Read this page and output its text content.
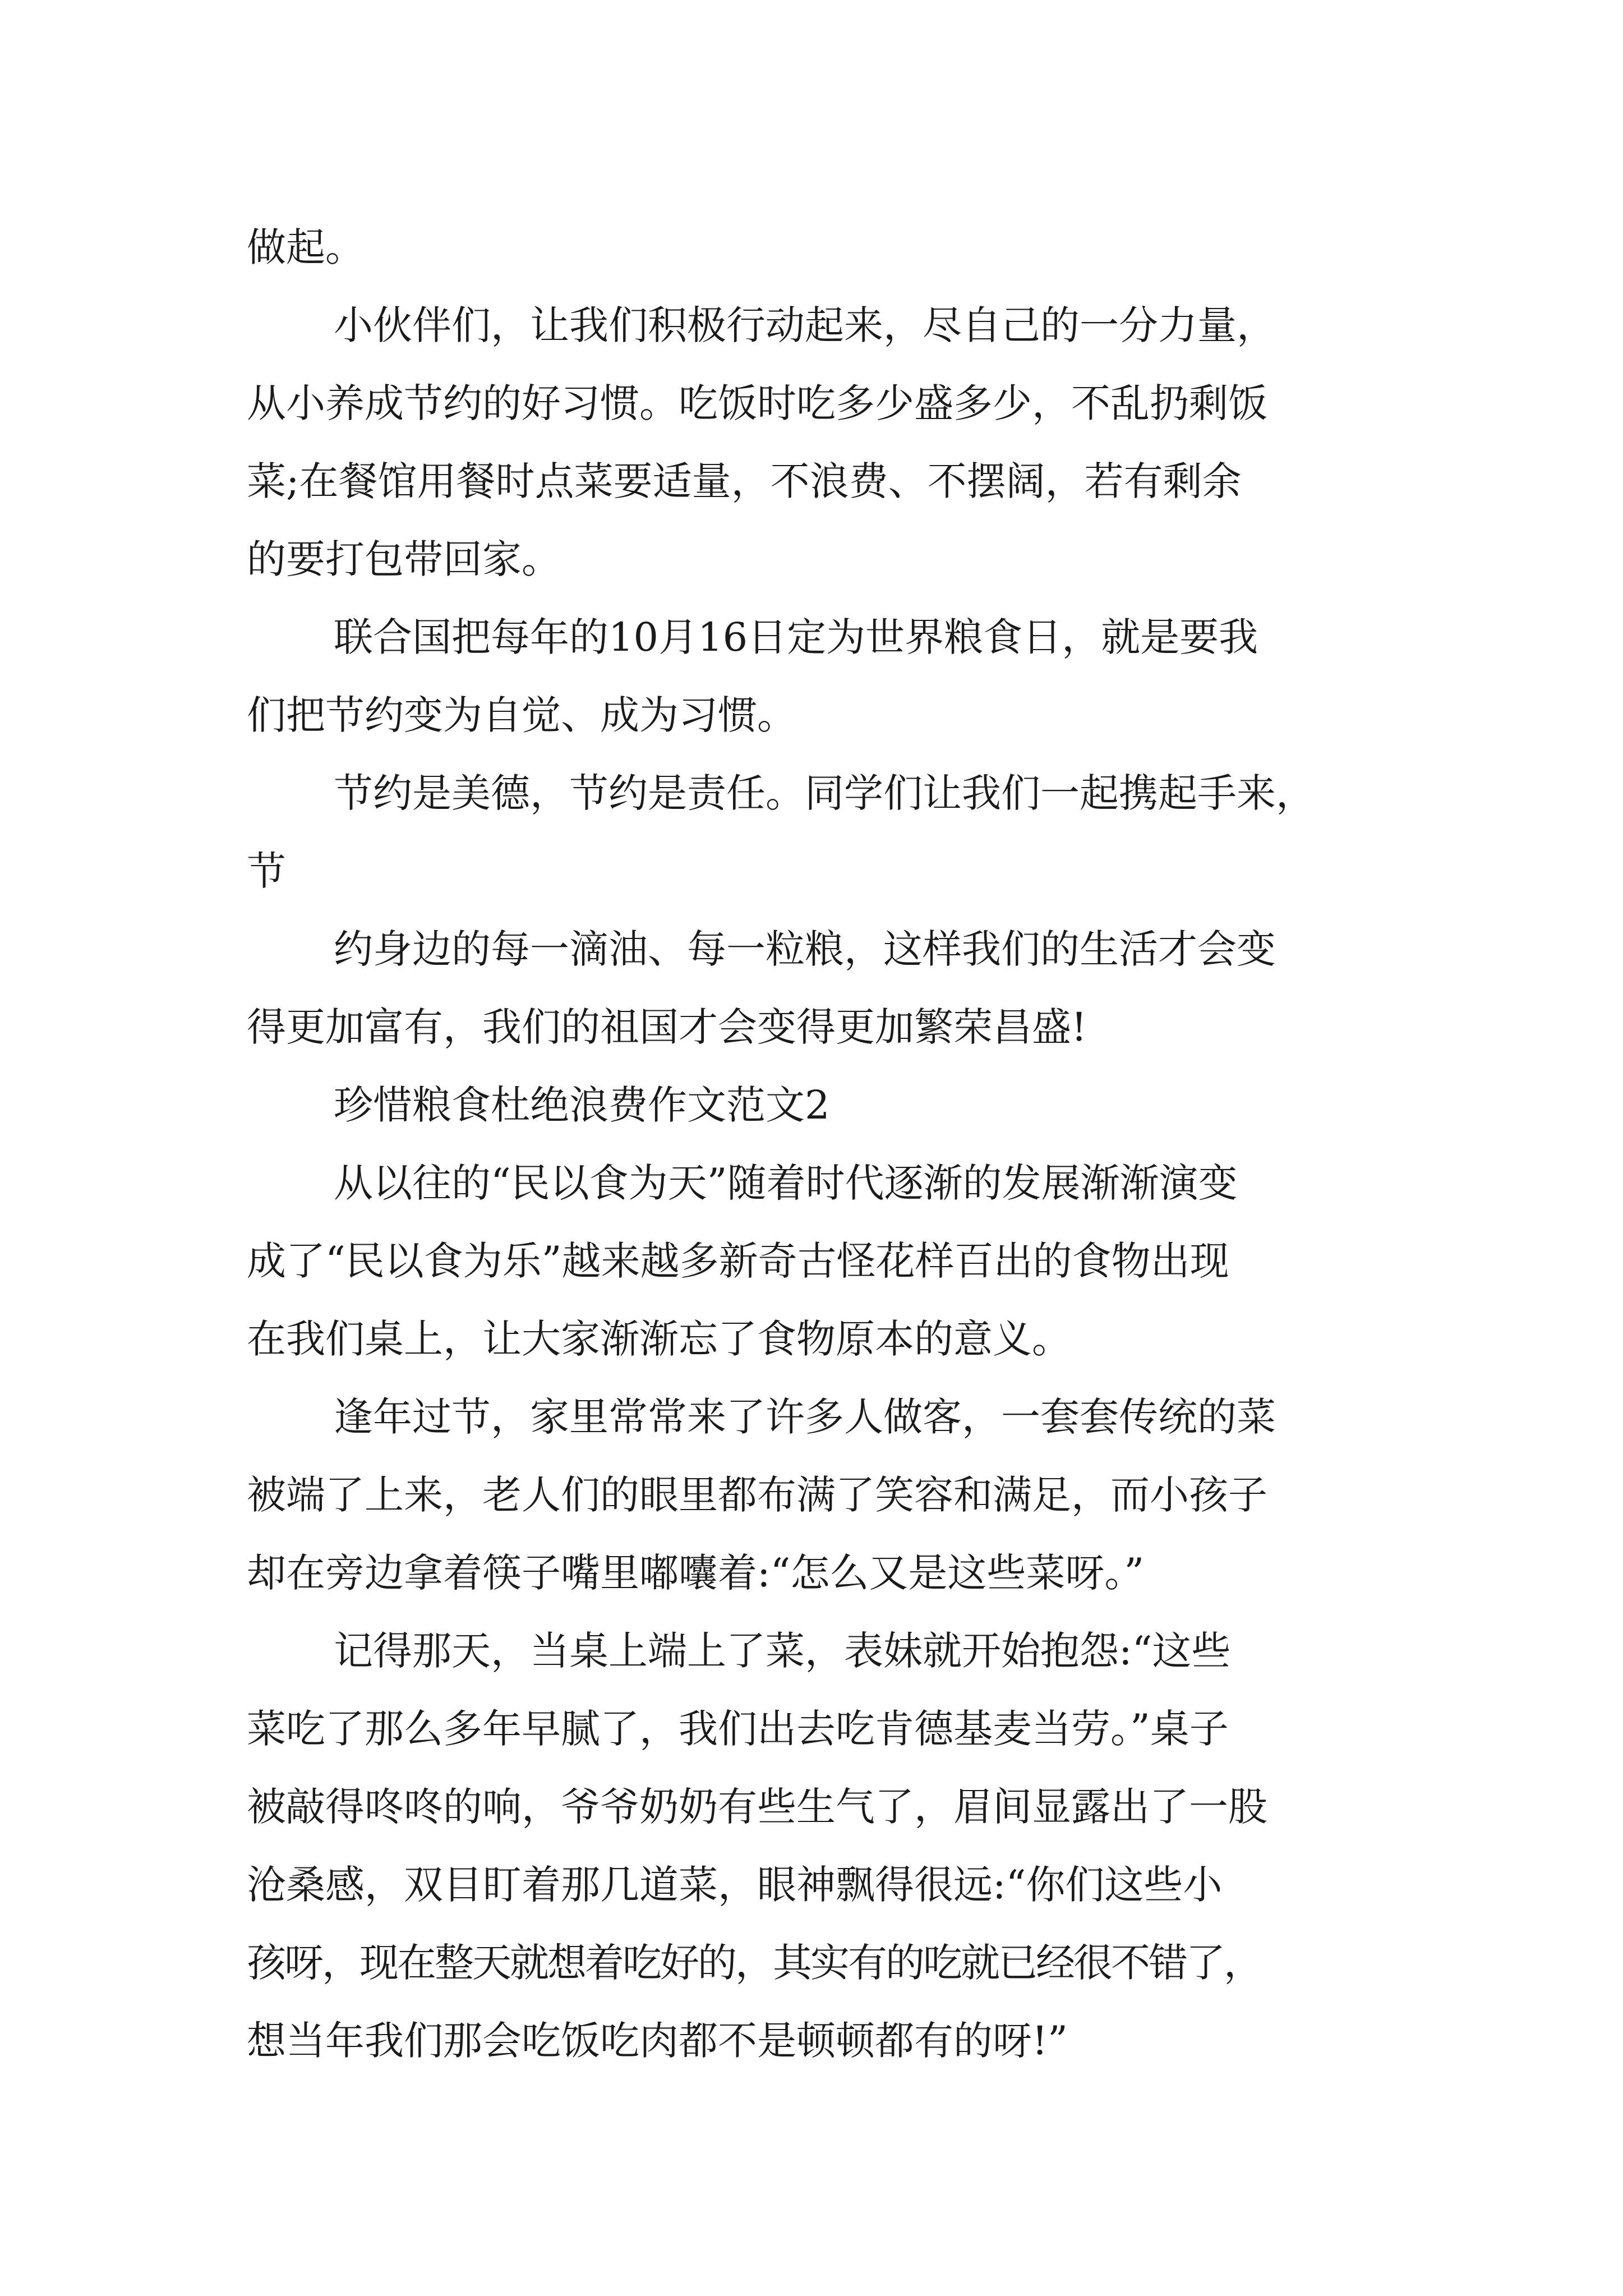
做起。
小伙伴们，让我们积极行动起来，尽自己的一分力量，
从小养成节约的好习惯。吃饭时吃多少盛多少，不乱扔剩饭
菜;在餐馆用餐时点菜要适量，不浪费、不摆阔，若有剩余
的要打包带回家。
联合国把每年的10月16日定为世界粮食日，就是要我
们把节约变为自觉、成为习惯。
节约是美德，节约是责任。同学们让我们一起携起手来，
节
约身边的每一滴油、每一粒粮，这样我们的生活才会变
得更加富有，我们的祖国才会变得更加繁荣昌盛!
珍惜粮食杜绝浪费作文范文2
从以往的“民以食为天”随着时代逐渐的发展渐渐演变
成了“民以食为乐”越来越多新奇古怪花样百出的食物出现
在我们桌上，让大家渐渐忘了食物原本的意义。
逢年过节，家里常常来了许多人做客，一套套传统的菜
被端了上来，老人们的眼里都布满了笑容和满足，而小孩子
却在旁边拿着筷子嘴里嘟囔着:“怎么又是这些菜呀。”
记得那天，当桌上端上了菜，表妹就开始抱怨:“这些
菜吃了那么多年早腻了，我们出去吃肯德基麦当劳。”桌子
被敲得咚咚的响，爷爷奶奶有些生气了，眉间显露出了一股
沧桑感，双目盯着那几道菜，眼神飘得很远:“你们这些小
孩呀，现在整天就想着吃好的，其实有的吃就已经很不错了，
想当年我们那会吃饭吃肉都不是顿顿都有的呀!”
